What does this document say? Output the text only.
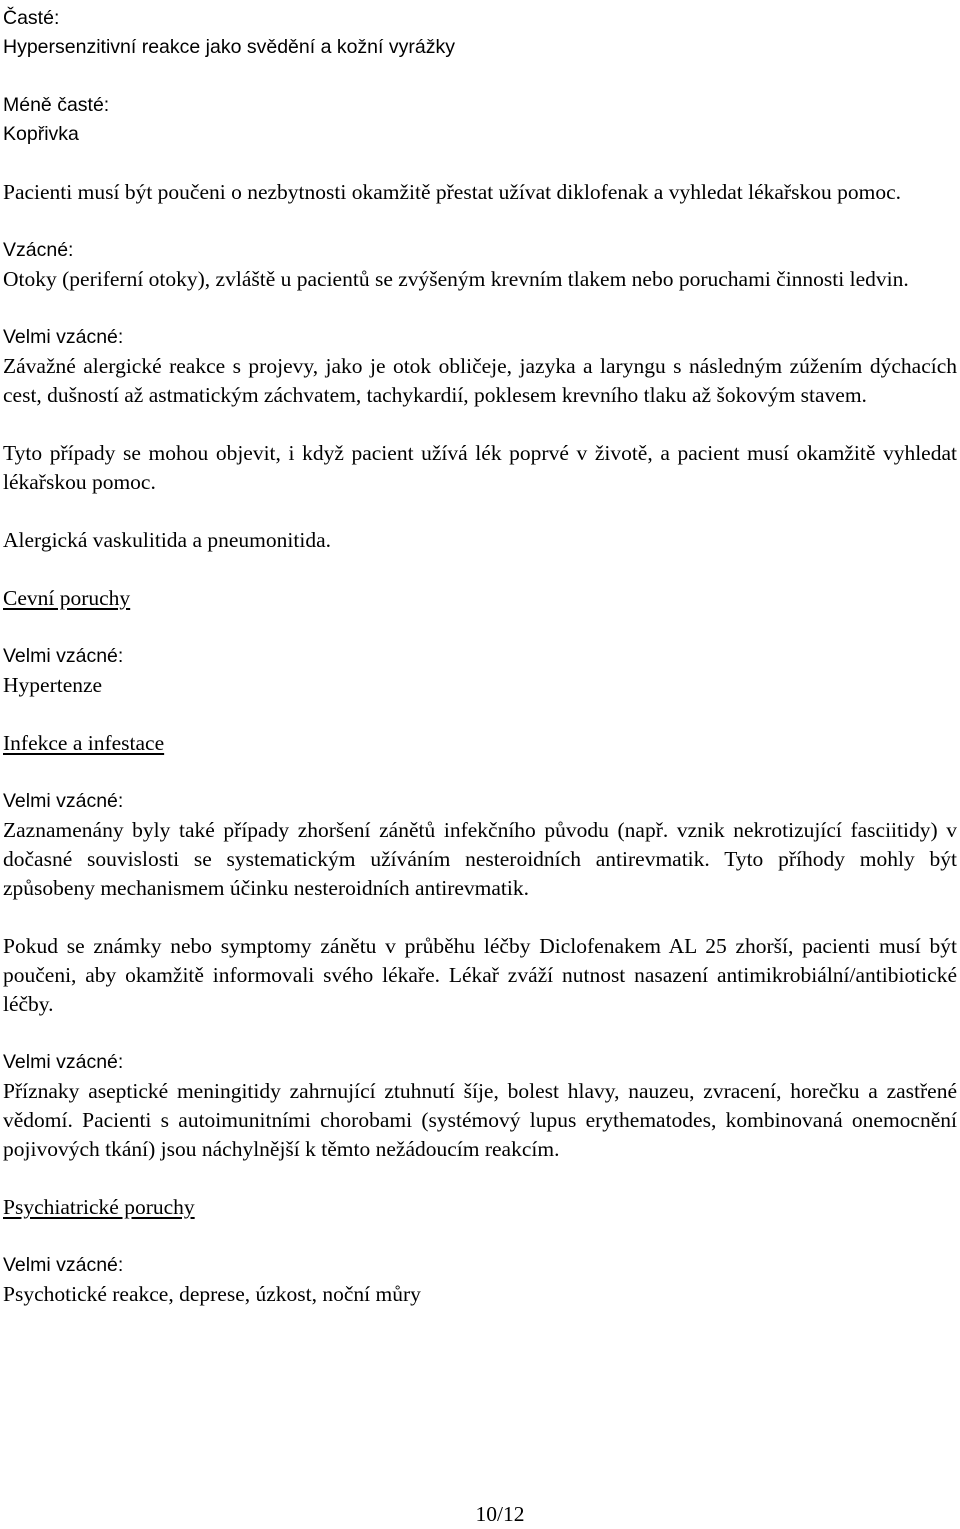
Časté:
Hypersenzitivní reakce jako svědění a kožní vyrážky
Méně časté:
Kopřivka
Pacienti musí být poučeni o nezbytnosti okamžitě přestat užívat diklofenak a vyhledat lékařskou pomoc.
Vzácné:
Otoky (periferní otoky), zvláště u pacientů se zvýšeným krevním tlakem nebo poruchami činnosti ledvin.
Velmi vzácné:
Závažné alergické reakce s projevy, jako je otok obličeje, jazyka a laryngu s následným zúžením dýchacích cest, dušností až astmatickým záchvatem, tachykardií, poklesem krevního tlaku až šokovým stavem.
Tyto případy se mohou objevit, i když pacient užívá lék poprvé v životě, a pacient musí okamžitě vyhledat lékařskou pomoc.
Alergická vaskulitida a pneumonitida.
Cevní poruchy
Velmi vzácné:
Hypertenze
Infekce a infestace
Velmi vzácné:
Zaznamenány byly také případy zhoršení zánětů infekčního původu (např. vznik nekrotizující fasciitidy) v dočasné souvislosti se systematickým užíváním nesteroidních antirevmatik. Tyto příhody mohly být způsobeny mechanismem účinku nesteroidních antirevmatik.
Pokud se známky nebo symptomy zánětu v průběhu léčby Diclofenakem AL 25 zhorší, pacienti musí být poučeni, aby okamžitě informovali svého lékaře. Lékař zváží nutnost nasazení antimikrobiální/antibiotické léčby.
Velmi vzácné:
Příznaky aseptické meningitidy zahrnující ztuhnutí šíje, bolest hlavy, nauzeu, zvracení, horečku a zastřené vědomí. Pacienti s autoimunitními chorobami (systémový lupus erythematodes, kombinovaná onemocnění pojivových tkání) jsou náchylnější k těmto nežádoucím reakcím.
Psychiatrické poruchy
Velmi vzácné:
Psychotické reakce, deprese, úzkost, noční můry
10/12
